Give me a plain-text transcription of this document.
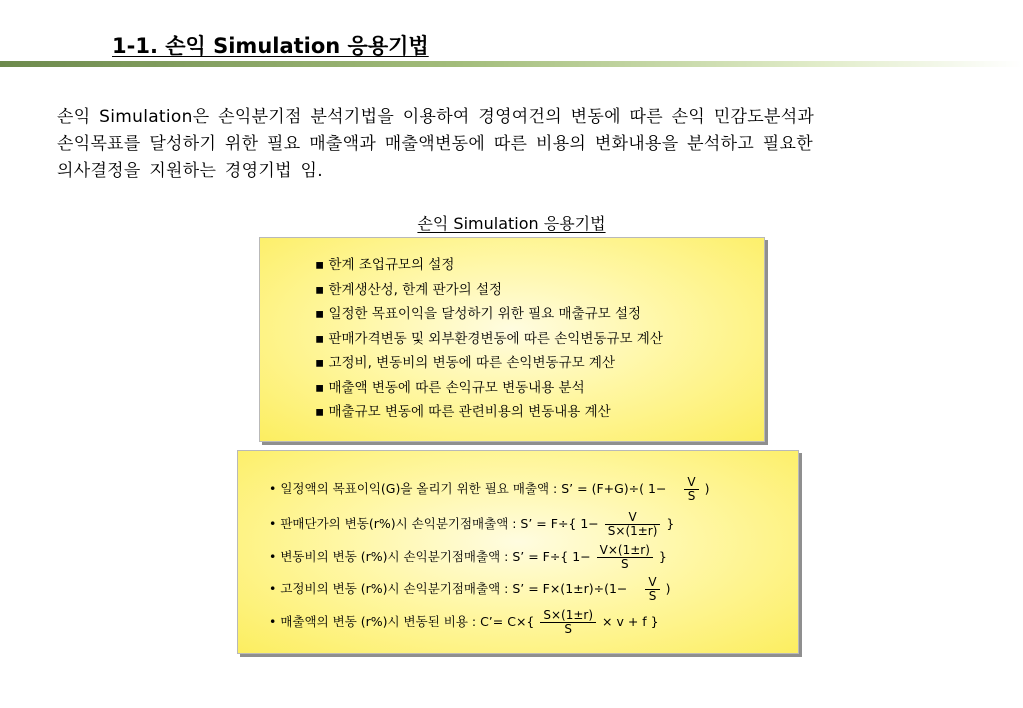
1-1. 손익 Simulation 응용기법
손익 Simulation은 손익분기점 분석기법을 이용하여 경영여건의 변동에 따른 손익 민감도분석과
손익목표를 달성하기 위한 필요 매출액과 매출액변동에 따른 비용의 변화내용을 분석하고 필요한
의사결정을 지원하는 경영기법 임.
손익 Simulation 응용기법
▪ 한계 조업규모의 설정
▪ 한계생산성, 한계 판가의 설정
▪ 일정한 목표이익을 달성하기 위한 필요 매출규모 설정
▪ 판매가격변동 및 외부환경변동에 따른 손익변동규모 계산
▪ 고정비, 변동비의 변동에 따른 손익변동규모 계산
▪ 매출액 변동에 따른 손익규모 변동내용 분석
▪ 매출규모 변동에 따른 관련비용의 변동내용 계산
• 일정액의 목표이익(G)을 올리기 위한 필요 매출액 : S’ = (F+G)÷( $1- \frac{V}{S}$ )
• 판매단가의 변동(r%)시 손익분기점매출액 : S’ = F÷{ $1- \frac{V}{S\times(1\pm r)}$ }
• 변동비의 변동 (r%)시 손익분기점매출액 : S’ = F÷{ $1- \frac{V\times(1\pm r)}{S}$ }
• 고정비의 변동 (r%)시 손익분기점매출액 : S’ = $F\times(1\pm r)\div(1- \frac{V}{S}$ )
• 매출액의 변동 (r%)시 변동된 비용 : C’= $C\times\{ \frac{S\times(1\pm r)}{S} \times v + f$ }
